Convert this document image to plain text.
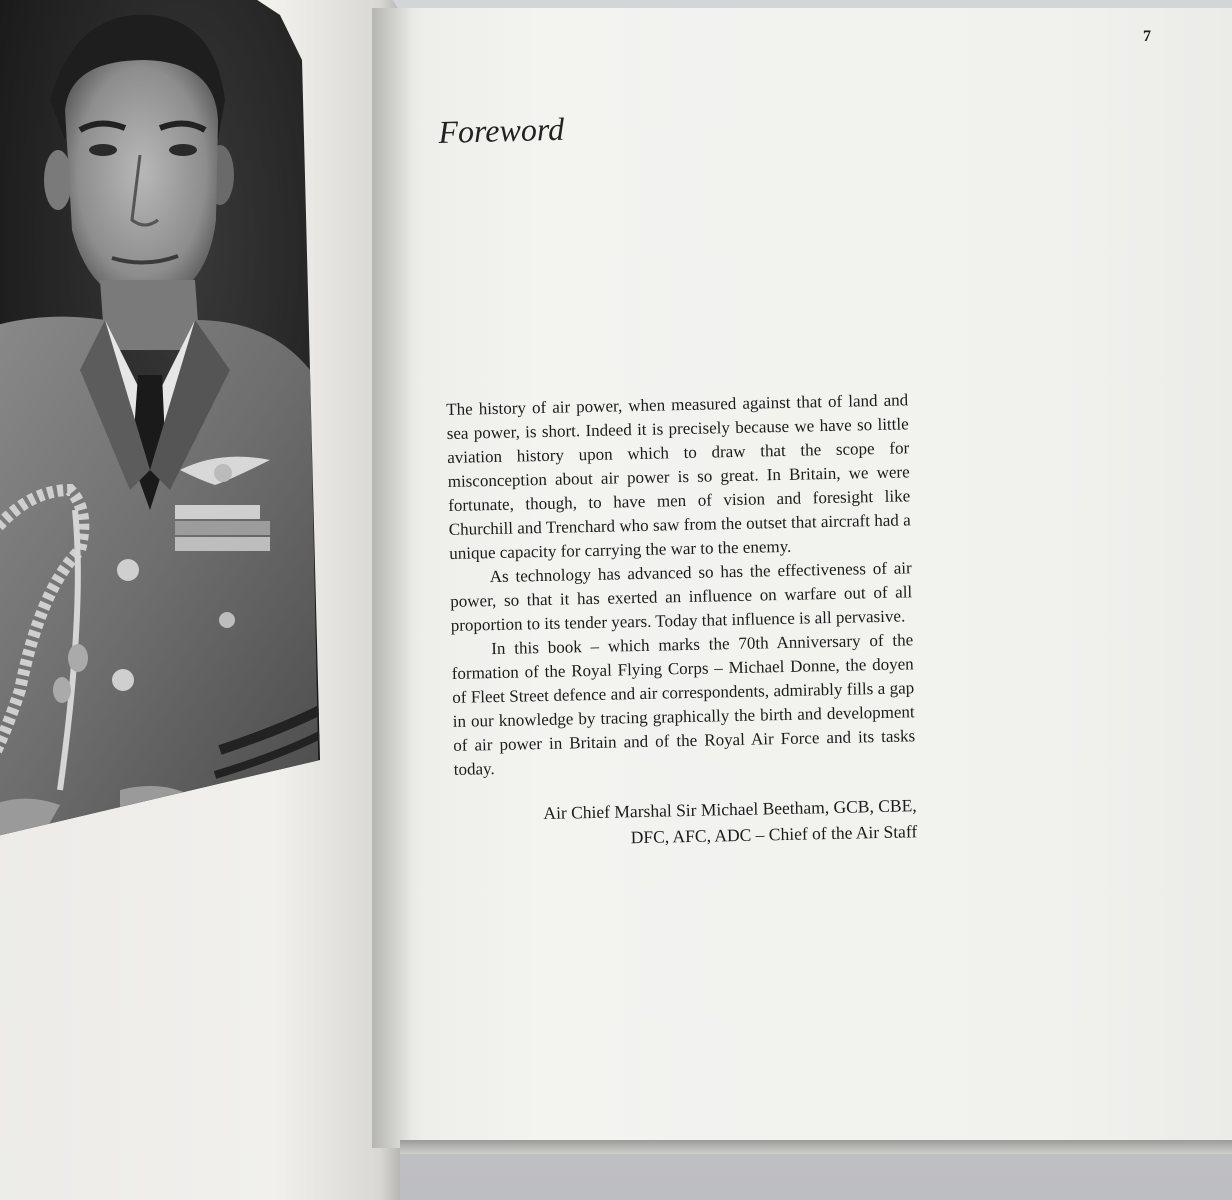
7
Foreword

The history of air power, when measured against that of land and sea power, is short. Indeed it is precisely because we have so little aviation history upon which to draw that the scope for misconception about air power is so great. In Britain, we were fortunate, though, to have men of vision and foresight like Churchill and Trenchard who saw from the outset that aircraft had a unique capacity for carrying the war to the enemy.

As technology has advanced so has the effectiveness of air power, so that it has exerted an influence on warfare out of all proportion to its tender years. Today that influence is all pervasive.

In this book – which marks the 70th Anniversary of the formation of the Royal Flying Corps – Michael Donne, the doyen of Fleet Street defence and air correspondents, admirably fills a gap in our knowledge by tracing graphically the birth and development of air power in Britain and of the Royal Air Force and its tasks today.

Air Chief Marshal Sir Michael Beetham, GCB, CBE,
DFC, AFC, ADC – Chief of the Air Staff
